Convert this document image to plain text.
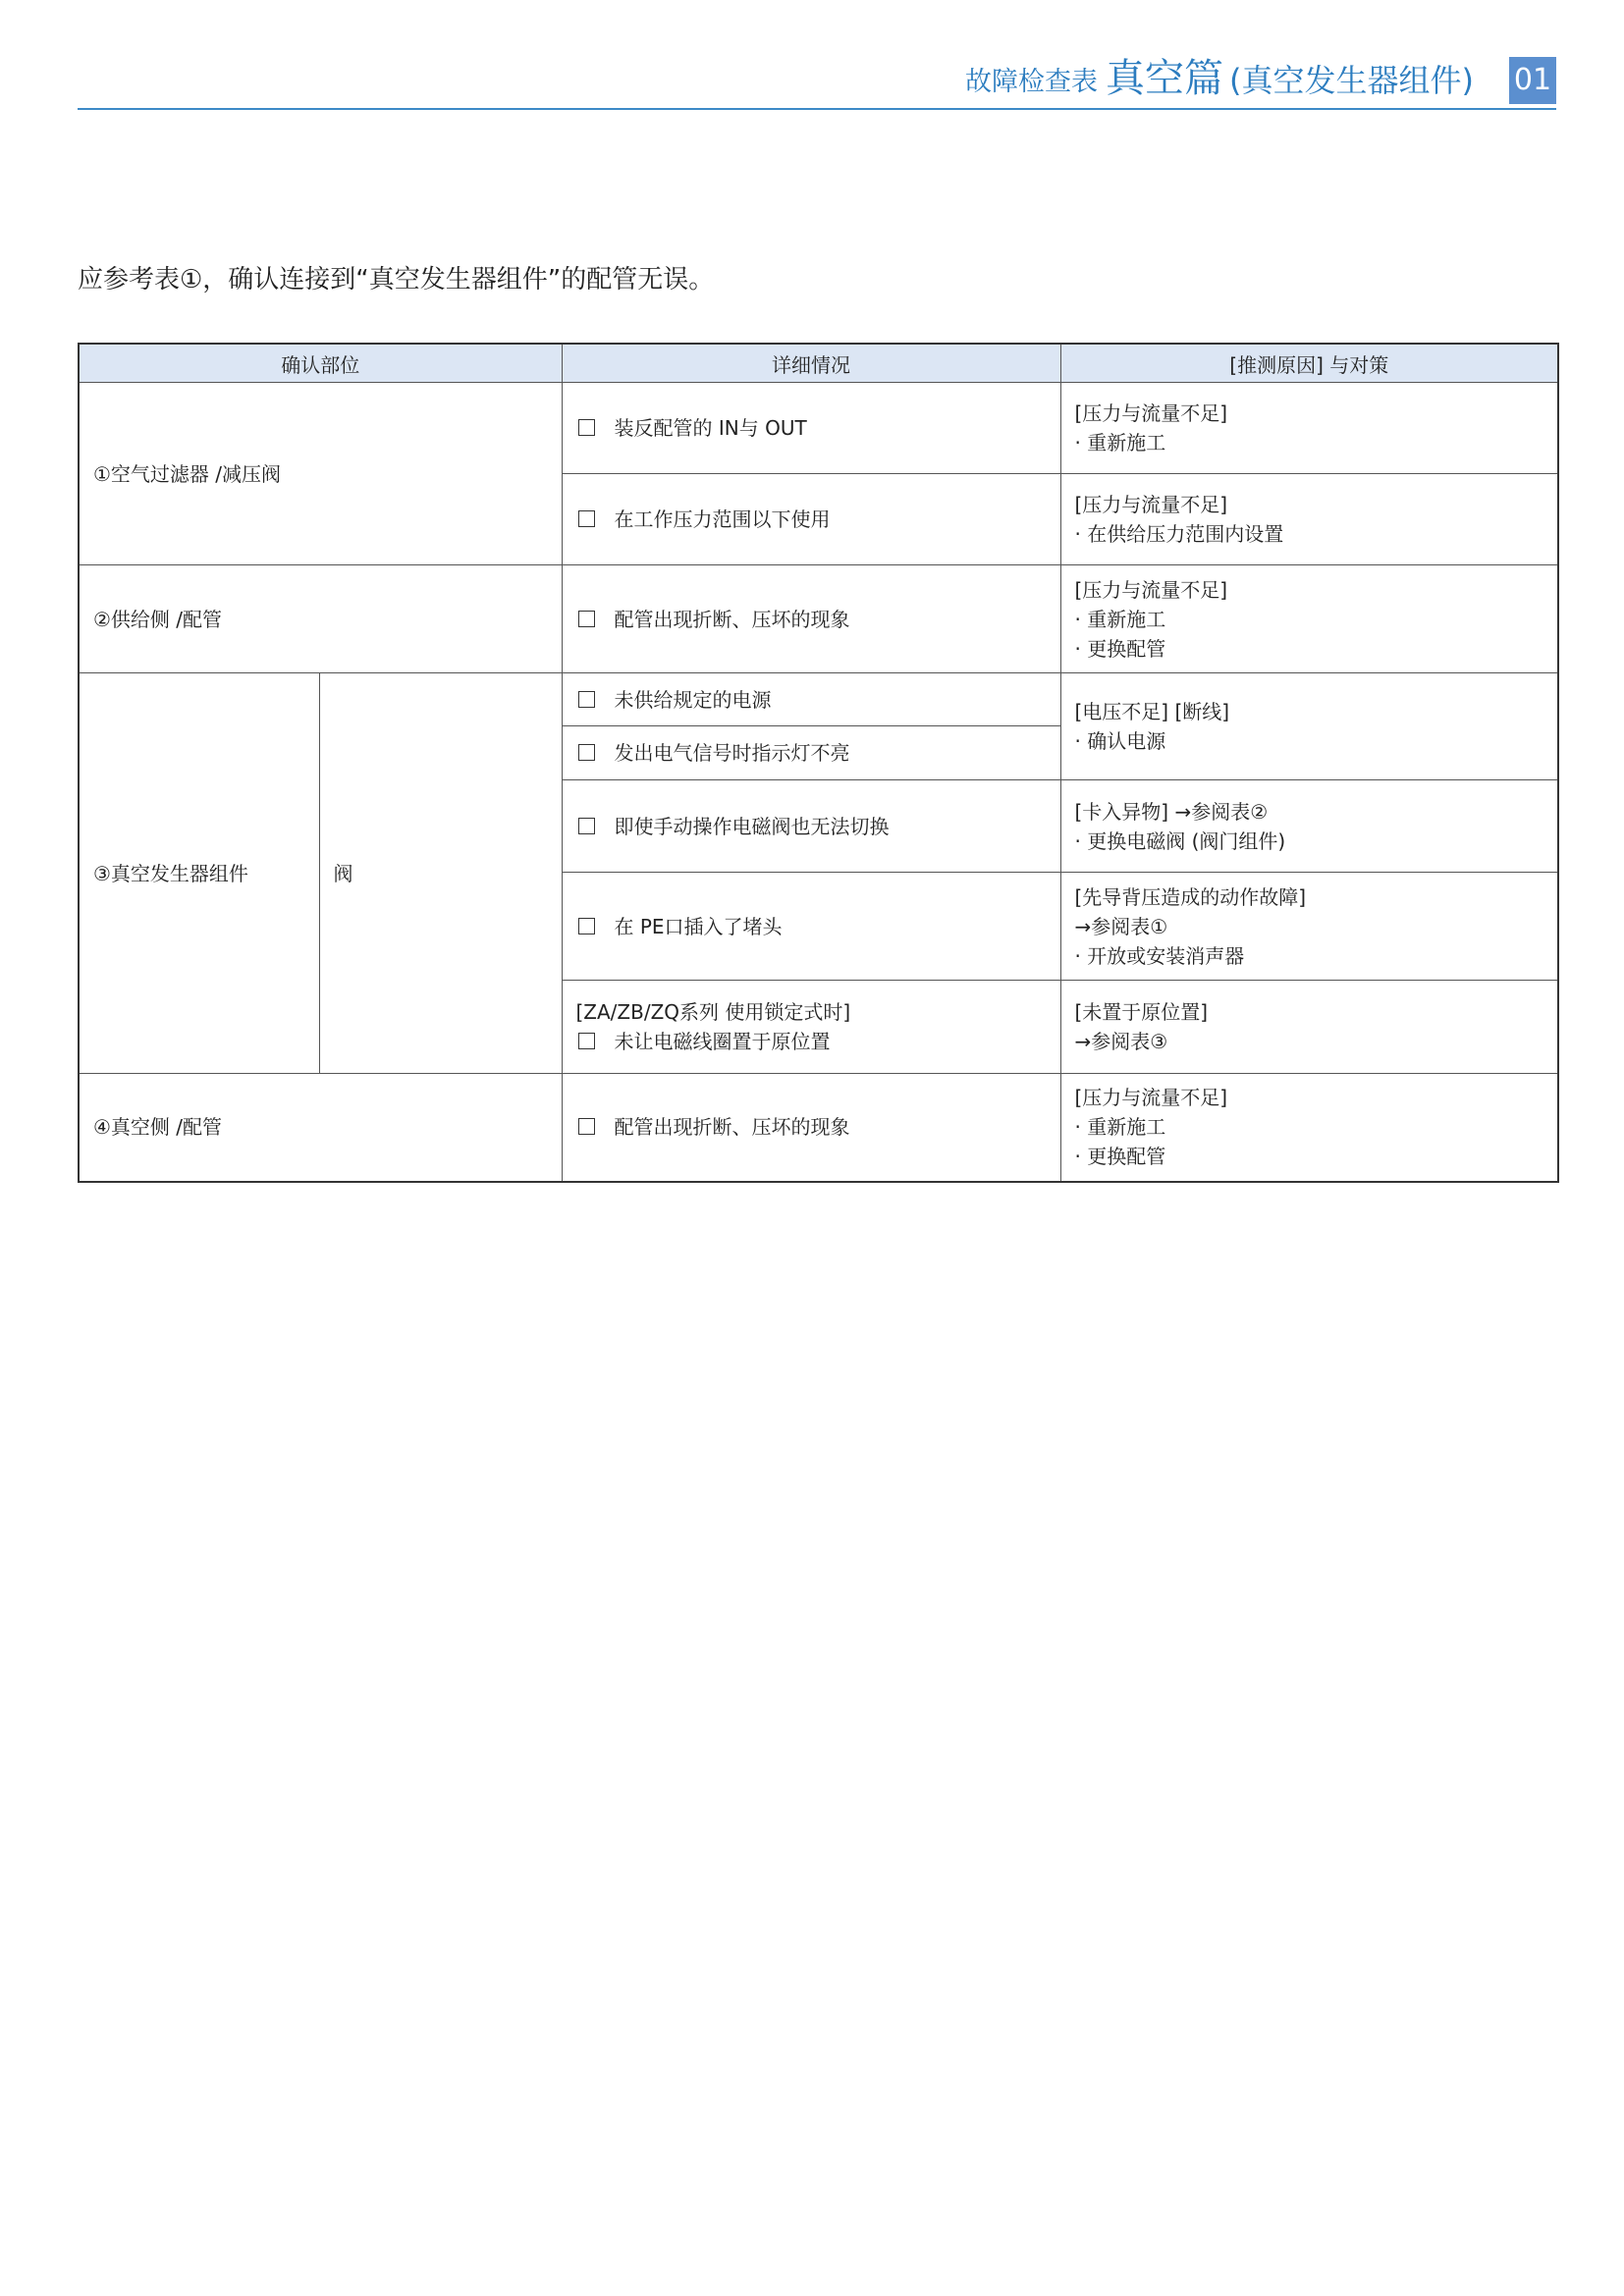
故障检查表 真空篇 (真空发生器组件) 01
应参考表①，确认连接到“真空发生器组件”的配管无误。
确认部位		详细情况	[推测原因] 与对策
①空气过滤器 /减压阀		装反配管的 IN与 OUT	[压力与流量不足]
· 重新施工

		在工作压力范围以下使用	[压力与流量不足]
· 在供给压力范围内设置

②供给侧 /配管		配管出现折断、压坏的现象	[压力与流量不足]
· 重新施工
· 更换配管

③真空发生器组件	阀	未供给规定的电源	[电压不足] [断线]
· 确认电源

		发出电气信号时指示灯不亮	
		即使手动操作电磁阀也无法切换	[卡入异物] →参阅表②
· 更换电磁阀 (阀门组件)

		在 PE口插入了堵头	[先导背压造成的动作故障]
→参阅表①
· 开放或安装消声器

		[ZA/ZB/ZQ系列 使用锁定式时]
未让电磁线圈置于原位置	[未置于原位置]
→参阅表③

④真空侧 /配管		配管出现折断、压坏的现象	[压力与流量不足]
· 重新施工
· 更换配管
